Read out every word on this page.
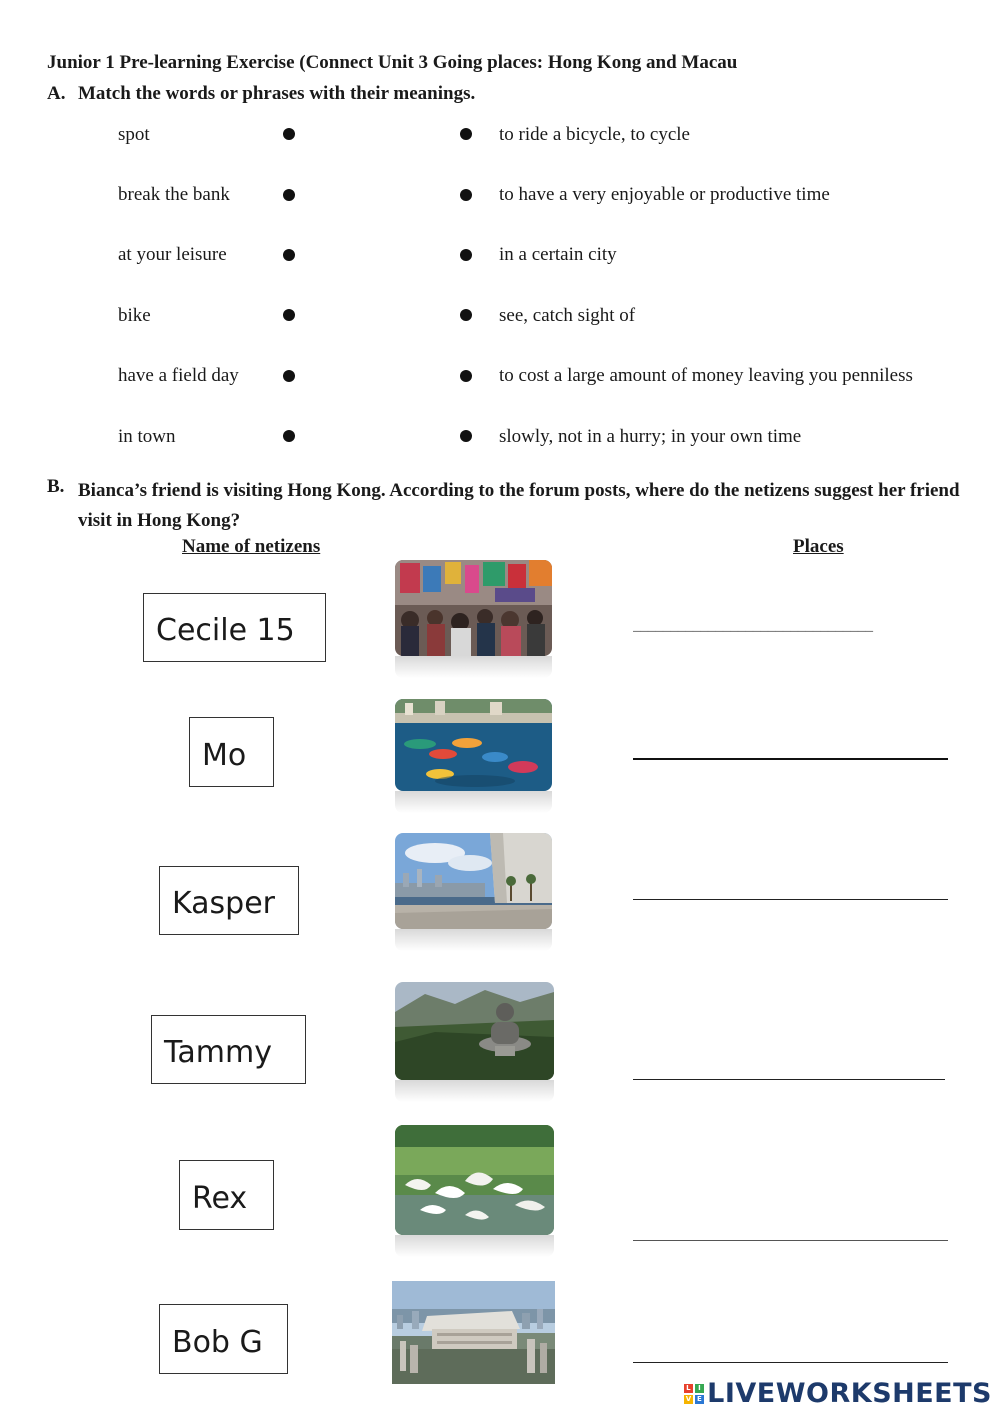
Junior 1 Pre-learning Exercise (Connect Unit 3 Going places: Hong Kong and Macau
A. Match the words or phrases with their meanings.
spot	to ride a bicycle, to cycle
break the bank	to have a very enjoyable or productive time
at your leisure	in a certain city
bike	see, catch sight of
have a field day	to cost a large amount of money leaving you penniless
in town	slowly, not in a hurry; in your own time
B. Bianca’s friend is visiting Hong Kong. According to the forum posts, where do the netizens suggest her friend visit in Hong Kong?
Name of netizens	Places
Cecile 15
Mo
Kasper
Tammy
Rex
Bob G
________________________________
L I
V E LIVEWORKSHEETS
